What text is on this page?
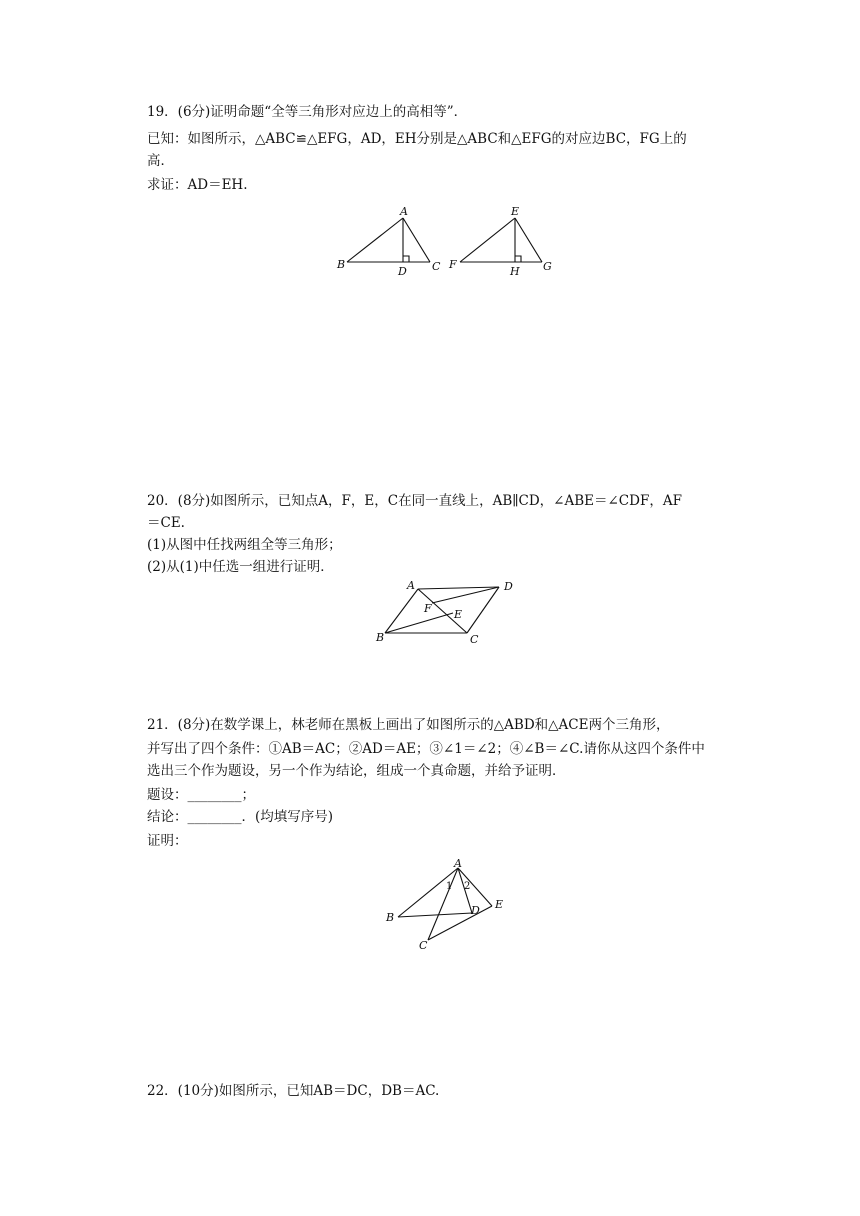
19．(6分)证明命题“全等三角形对应边上的高相等”．
已知：如图所示，△ABC≌△EFG，AD，EH分别是△ABC和△EFG的对应边BC，FG上的
高．
求证：AD＝EH.
A
B	C
D
E
F	G
H
20．(8分)如图所示，已知点A，F，E，C在同一直线上，AB∥CD，∠ABE＝∠CDF，AF
＝CE.
(1)从图中任找两组全等三角形；
(2)从(1)中任选一组进行证明．
A
B	C
D
E
F
21．(8分)在数学课上，林老师在黑板上画出了如图所示的△ABD和△ACE两个三角形，
并写出了四个条件：①AB＝AC；②AD＝AE；③∠1＝∠2；④∠B＝∠C.请你从这四个条件中
选出三个作为题设，另一个作为结论，组成一个真命题，并给予证明．
题设：________；
结论：________．(均填写序号)
证明：
A
B
C
D E
1 2
22．(10分)如图所示，已知AB＝DC，DB＝AC.
